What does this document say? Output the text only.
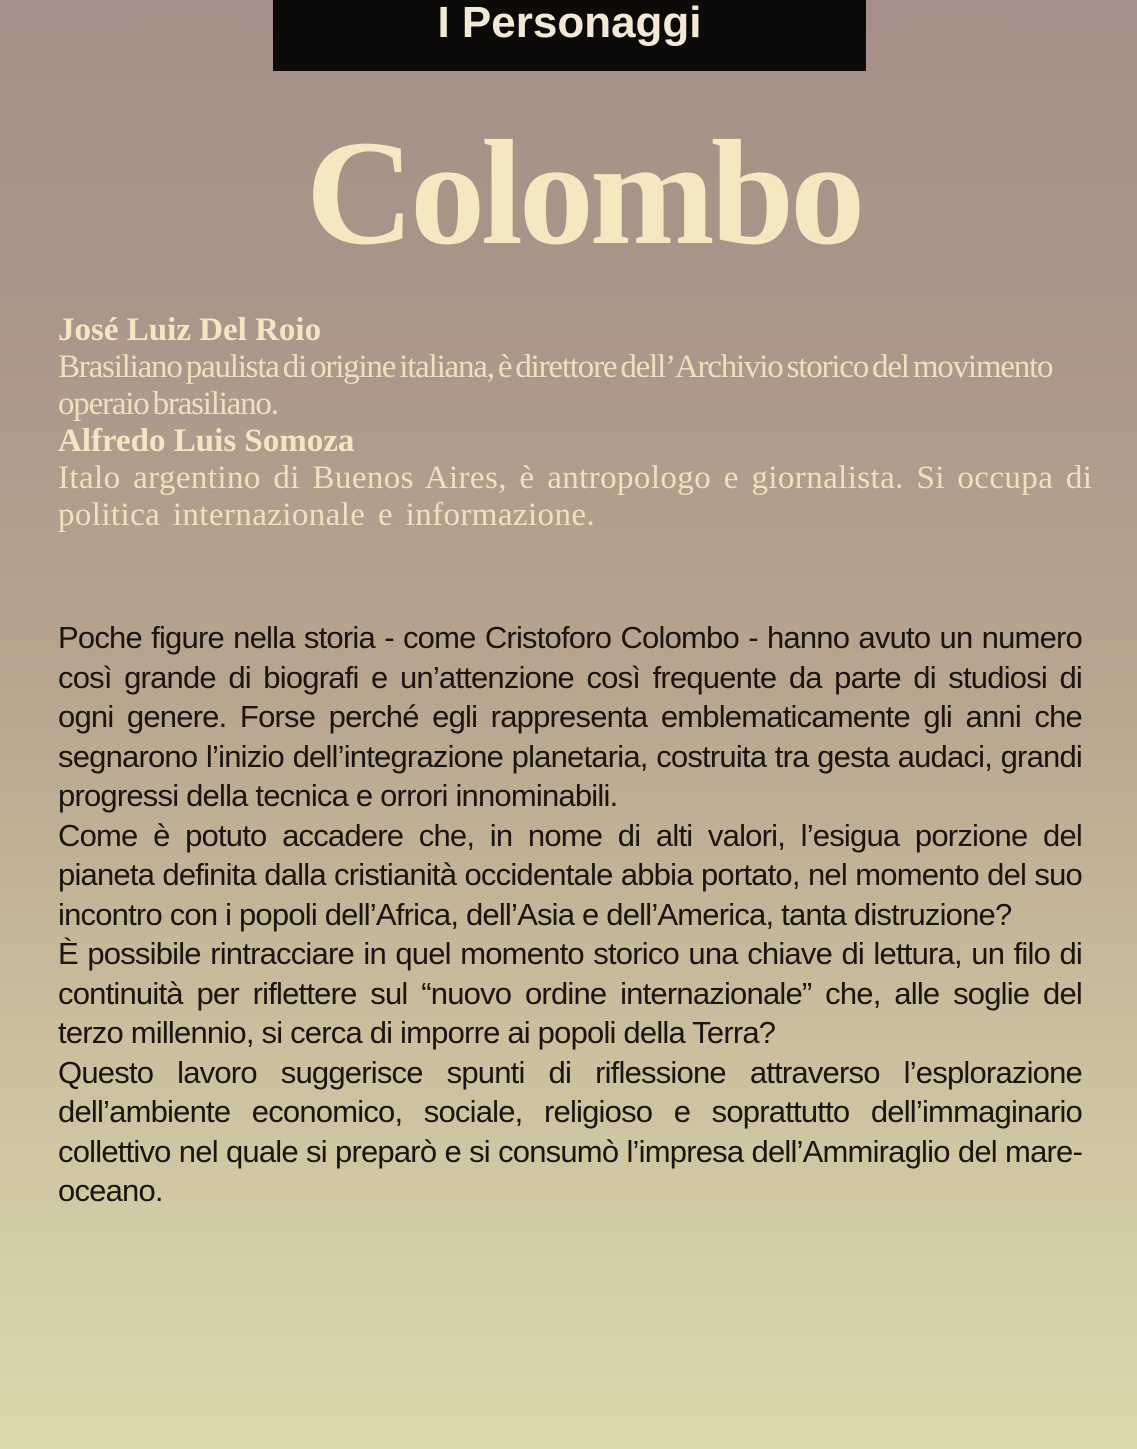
I Personaggi
Colombo

José Luiz Del Roio

Brasiliano paulista di origine italiana, è direttore dell’Archivio storico del movimento operaio brasiliano.

Alfredo Luis Somoza

Italo argentino di Buenos Aires, è antropologo e giornalista. Si occupa di politica internazionale e informazione.

Poche figure nella storia - come Cristoforo Colombo - hanno avuto un numero così grande di biografi e un’attenzione così frequente da parte di studiosi di ogni genere. Forse perché egli rappresenta emblematicamente gli anni che segnarono l’inizio dell’integrazione planetaria, costruita tra gesta audaci, grandi progressi della tecnica e orrori innominabili.

Come è potuto accadere che, in nome di alti valori, l’esigua porzione del pianeta definita dalla cristianità occidentale abbia portato, nel momento del suo incontro con i popoli dell’Africa, dell’Asia e dell’America, tanta distruzione?

È possibile rintracciare in quel momento storico una chiave di lettura, un filo di continuità per riflettere sul “nuovo ordine internazionale” che, alle soglie del terzo millennio, si cerca di imporre ai popoli della Terra?

Questo lavoro suggerisce spunti di riflessione attraverso l’esplorazione dell’ambiente economico, sociale, religioso e soprattutto dell’immaginario collettivo nel quale si preparò e si consumò l’impresa dell’Ammiraglio del mare-oceano.
